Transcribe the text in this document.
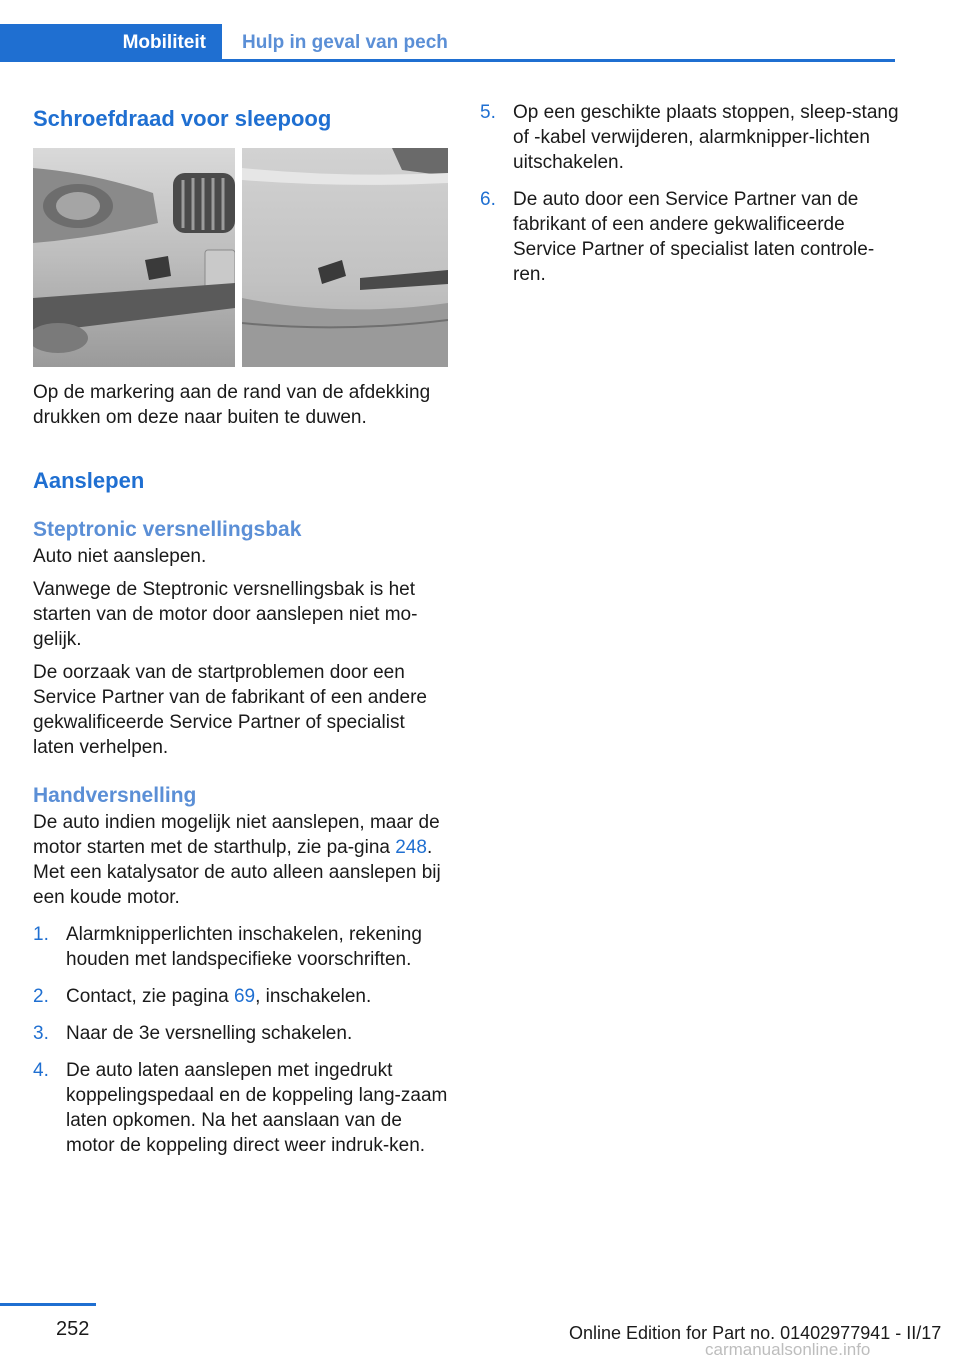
Mobiliteit	Hulp in geval van pech
Schroefdraad voor sleepoog

Op de markering aan de rand van de afdekking drukken om deze naar buiten te duwen.

Aanslepen
Steptronic versnellingsbak

Auto niet aanslepen.

Vanwege de Steptronic versnellingsbak is het starten van de motor door aanslepen niet mo-gelijk.

De oorzaak van de startproblemen door een Service Partner van de fabrikant of een andere gekwalificeerde Service Partner of specialist laten verhelpen.

Handversnelling

De auto indien mogelijk niet aanslepen, maar de motor starten met de starthulp, zie pa-gina 248. Met een katalysator de auto alleen aanslepen bij een koude motor.

1. Alarmknipperlichten inschakelen, rekening houden met landspecifieke voorschriften.
2. Contact, zie pagina 69, inschakelen.
3. Naar de 3e versnelling schakelen.
4. De auto laten aanslepen met ingedrukt koppelingspedaal en de koppeling lang-zaam laten opkomen. Na het aanslaan van de motor de koppeling direct weer indruk-ken.
5. Op een geschikte plaats stoppen, sleep-stang of -kabel verwijderen, alarmknipper-lichten uitschakelen.
6. De auto door een Service Partner van de fabrikant of een andere gekwalificeerde Service Partner of specialist laten controle-ren.
252	Online Edition for Part no. 01402977941 - II/17
carmanualsonline.info
